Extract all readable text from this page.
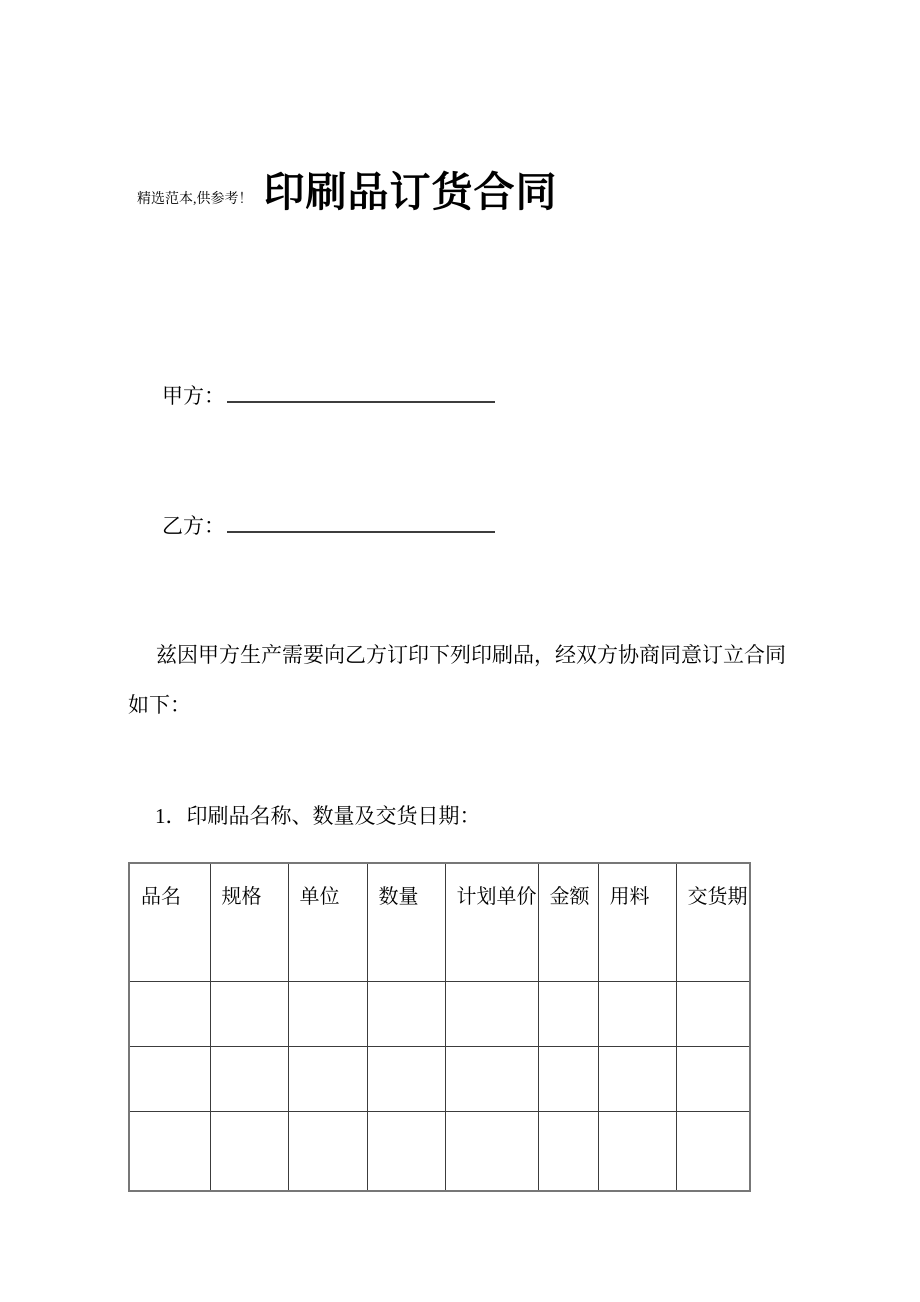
精选范本,供参考！ 印刷品订货合同
甲方：
乙方：
兹因甲方生产需要向乙方订印下列印刷品，经双方协商同意订立合同
如下：
1．印刷品名称、数量及交货日期：
品名	规格	单位	数量	计划单价	金额	用料	交货期
